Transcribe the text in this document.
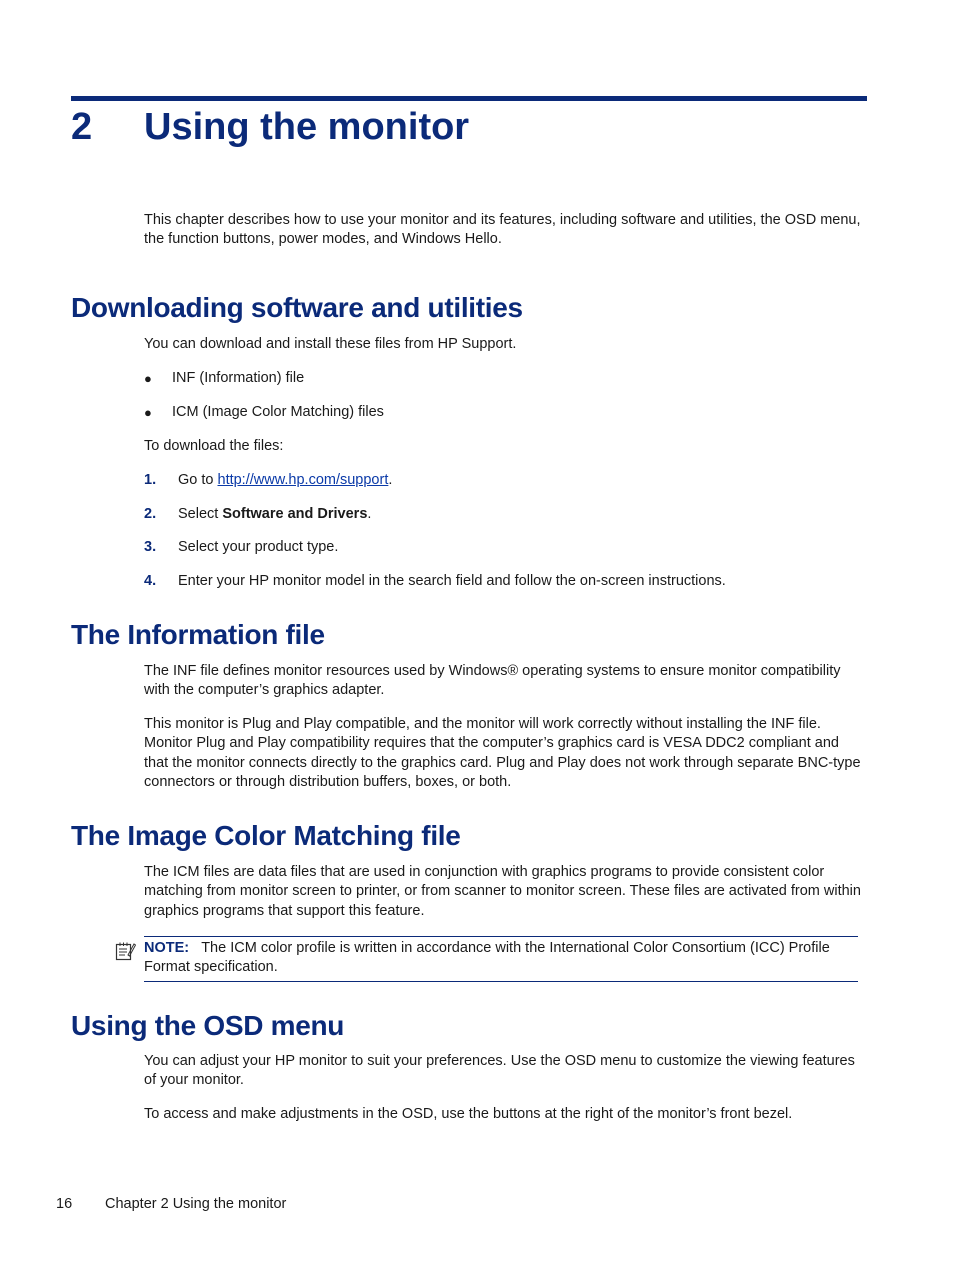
2 Using the monitor
This chapter describes how to use your monitor and its features, including software and utilities, the OSD menu, the function buttons, power modes, and Windows Hello.
Downloading software and utilities
You can download and install these files from HP Support.
● INF (Information) file
● ICM (Image Color Matching) files
To download the files:
1. Go to http://www.hp.com/support.
2. Select Software and Drivers.
3. Select your product type.
4. Enter your HP monitor model in the search field and follow the on-screen instructions.
The Information file
The INF file defines monitor resources used by Windows® operating systems to ensure monitor compatibility with the computer’s graphics adapter.
This monitor is Plug and Play compatible, and the monitor will work correctly without installing the INF file. Monitor Plug and Play compatibility requires that the computer’s graphics card is VESA DDC2 compliant and that the monitor connects directly to the graphics card. Plug and Play does not work through separate BNC-type connectors or through distribution buffers, boxes, or both.
The Image Color Matching file
The ICM files are data files that are used in conjunction with graphics programs to provide consistent color matching from monitor screen to printer, or from scanner to monitor screen. These files are activated from within graphics programs that support this feature.
NOTE: The ICM color profile is written in accordance with the International Color Consortium (ICC) Profile Format specification.
Using the OSD menu
You can adjust your HP monitor to suit your preferences. Use the OSD menu to customize the viewing features of your monitor.
To access and make adjustments in the OSD, use the buttons at the right of the monitor’s front bezel.
16 Chapter 2 Using the monitor
